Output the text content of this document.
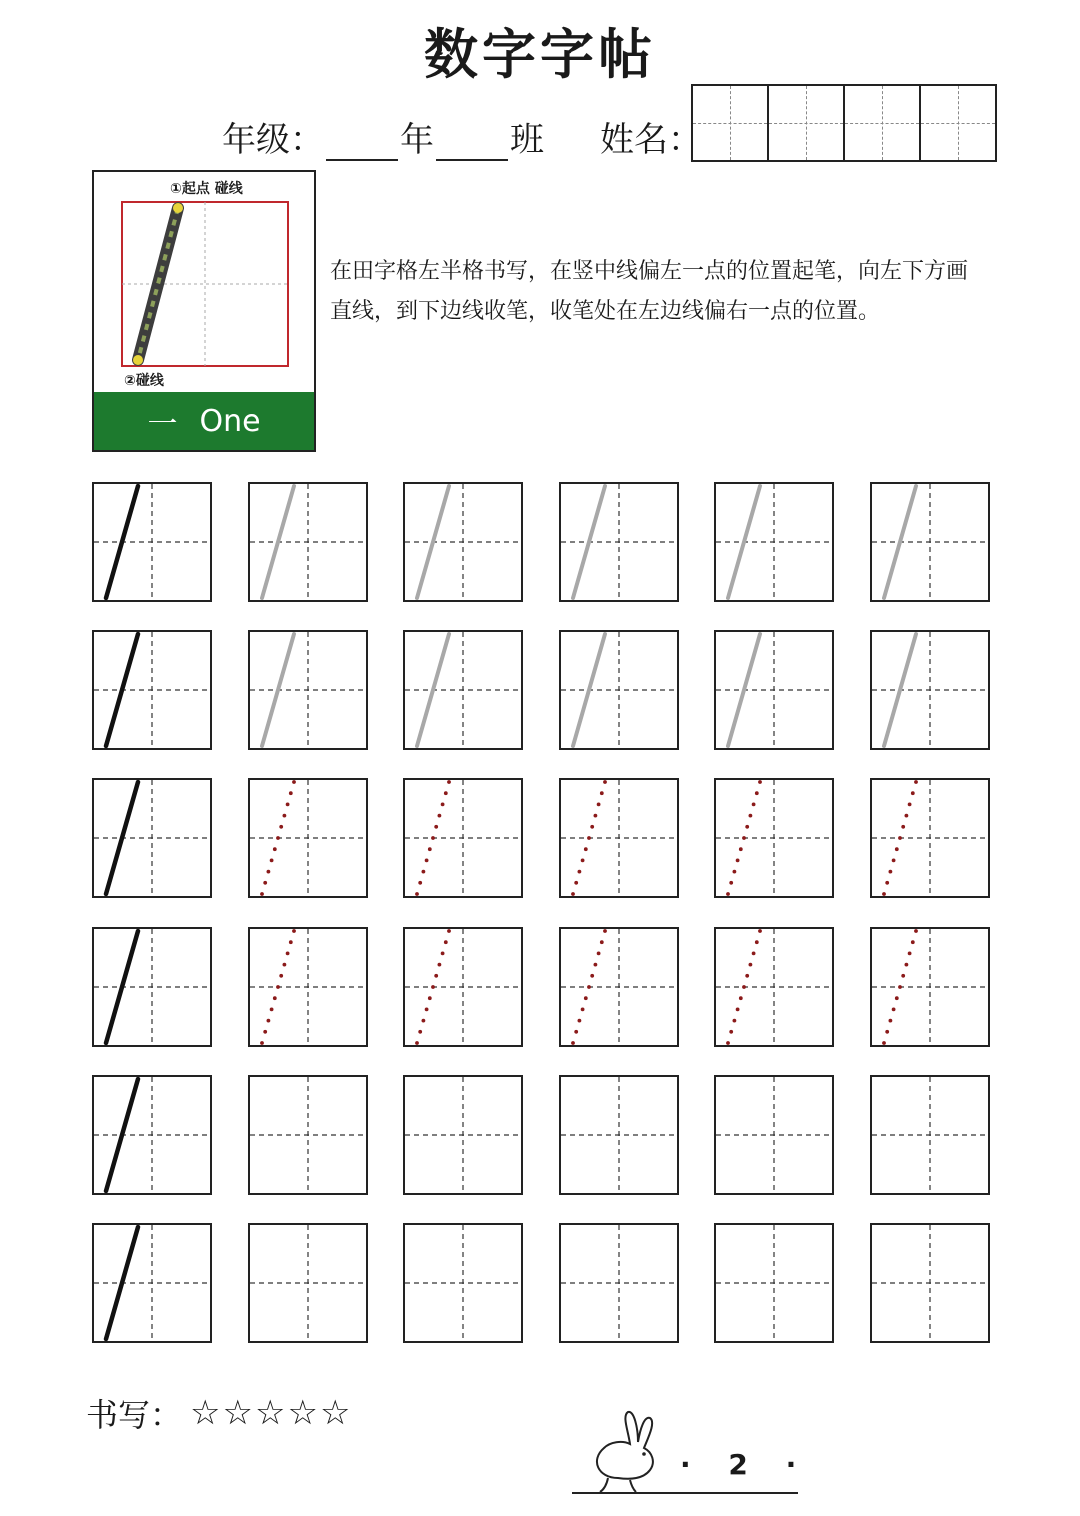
数字字帖
年级： 年 班 姓名：
①起点 碰线
②碰线
一 One
在田字格左半格书写，在竖中线偏左一点的位置起笔，向左下方画直线，到下边线收笔，收笔处在左边线偏右一点的位置。
书写： ☆☆☆☆☆
· 2 ·
